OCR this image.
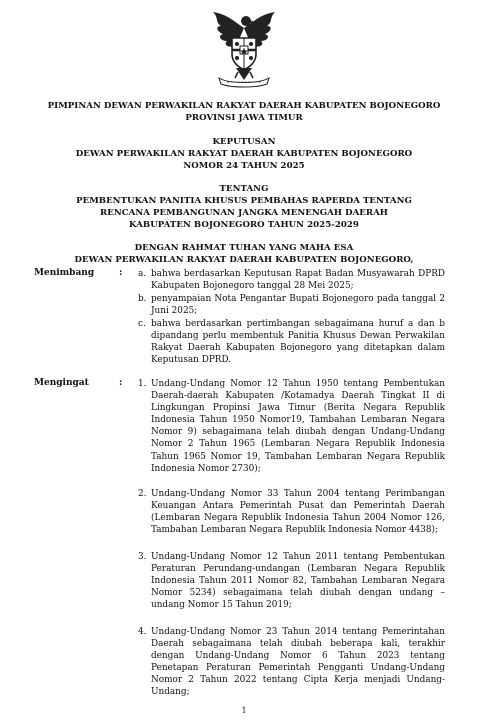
PIMPINAN DEWAN PERWAKILAN RAKYAT DAERAH KABUPATEN BOJONEGORO
PROVINSI JAWA TIMUR
KEPUTUSAN
DEWAN PERWAKILAN RAKYAT DAERAH KABUPATEN BOJONEGORO
NOMOR 24 TAHUN 2025
TENTANG
PEMBENTUKAN PANITIA KHUSUS PEMBAHAS RAPERDA TENTANG
RENCANA PEMBANGUNAN JANGKA MENENGAH DAERAH
KABUPATEN BOJONEGORO TAHUN 2025-2029
DENGAN RAHMAT TUHAN YANG MAHA ESA
DEWAN PERWAKILAN RAKYAT DAERAH KABUPATEN BOJONEGORO,
Menimbang	: a. bahwa berdasarkan Keputusan Rapat Badan Musyawarah DPRD Kabupaten Bojonegoro tanggal 28 Mei 2025;
b. penyampaian Nota Pengantar Bupati Bojonegoro pada tanggal 2 Juni 2025;
c. bahwa berdasarkan pertimbangan sebagaimana huruf a dan b dipandang perlu membentuk Panitia Khusus Dewan Perwakilan Rakyat Daerah Kabupaten Bojonegoro yang ditetapkan dalam Keputusan DPRD.
Mengingat	: 1. Undang-Undang Nomor 12 Tahun 1950 tentang Pembentukan Daerah-daerah Kabupaten /Kotamadya Daerah Tingkat II di Lingkungan Propinsi Jawa Timur (Berita Negara Republik Indonesia Tahun 1950 Nomor19, Tambahan Lembaran Negara Nomor 9) sebagaimana telah diubah dengan Undang-Undang Nomor 2 Tahun 1965 (Lembaran Negara Republik Indonesia Tahun 1965 Nomor 19, Tambahan Lembaran Negara Republik Indonesia Nomor 2730);
2. Undang-Undang Nomor 33 Tahun 2004 tentang Perimbangan Keuangan Antara Pemerintah Pusat dan Pemerintah Daerah (Lembaran Negara Republik Indonesia Tahun 2004 Nomor 126, Tambahan Lembaran Negara Republik Indonesia Nomor 4438);
3. Undang-Undang Nomor 12 Tahun 2011 tentang Pembentukan Peraturan Perundang-undangan (Lembaran Negara Republik Indonesia Tahun 2011 Nomor 82, Tambahan Lembaran Negara Nomor 5234) sebagaimana telah diubah dengan undang – undang Nomor 15 Tahun 2019;
4. Undang-Undang Nomor 23 Tahun 2014 tentang Pemerintahan Daerah sebagaimana telah diubah beberapa kali, terakhir dengan Undang-Undang Nomor 6 Tahun 2023 tentang Penetapan Peraturan Pemerintah Pengganti Undang-Undang Nomor 2 Tahun 2022 tentang Cipta Kerja menjadi Undang-Undang;
1
